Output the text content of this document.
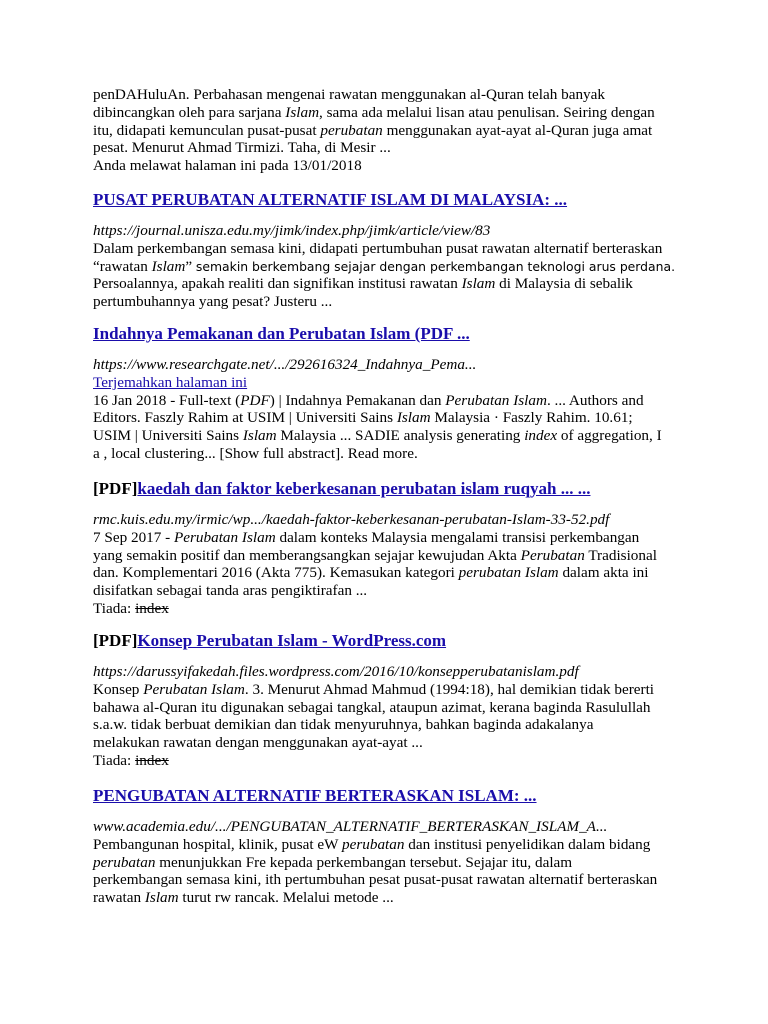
penDAHuluAn. Perbahasan mengenai rawatan menggunakan al-Quran telah banyak
dibincangkan oleh para sarjana Islam, sama ada melalui lisan atau penulisan. Seiring dengan
itu, didapati kemunculan pusat-pusat perubatan menggunakan ayat-ayat al-Quran juga amat
pesat. Menurut Ahmad Tirmizi. Taha, di Mesir ...
Anda melawat halaman ini pada 13/01/2018
PUSAT PERUBATAN ALTERNATIF ISLAM DI MALAYSIA: ...
https://journal.unisza.edu.my/jimk/index.php/jimk/article/view/83
Dalam perkembangan semasa kini, didapati pertumbuhan pusat rawatan alternatif berteraskan
“rawatan Islam” semakin berkembang sejajar dengan perkembangan teknologi arus perdana.
Persoalannya, apakah realiti dan signifikan institusi rawatan Islam di Malaysia di sebalik
pertumbuhannya yang pesat? Justeru ...
Indahnya Pemakanan dan Perubatan Islam (PDF ...
https://www.researchgate.net/.../292616324_Indahnya_Pema...
Terjemahkan halaman ini
16 Jan 2018 - Full-text (PDF) | Indahnya Pemakanan dan Perubatan Islam. ... Authors and
Editors. Faszly Rahim at USIM | Universiti Sains Islam Malaysia · Faszly Rahim. 10.61;
USIM | Universiti Sains Islam Malaysia ... SADIE analysis generating index of aggregation, I
a , local clustering... [Show full abstract]. Read more.
[PDF]kaedah dan faktor keberkesanan perubatan islam ruqyah ... ...
rmc.kuis.edu.my/irmic/wp.../kaedah-faktor-keberkesanan-perubatan-Islam-33-52.pdf
7 Sep 2017 - Perubatan Islam dalam konteks Malaysia mengalami transisi perkembangan
yang semakin positif dan memberangsangkan sejajar kewujudan Akta Perubatan Tradisional
dan. Komplementari 2016 (Akta 775). Kemasukan kategori perubatan Islam dalam akta ini
disifatkan sebagai tanda aras pengiktirafan ...
Tiada: index
[PDF]Konsep Perubatan Islam - WordPress.com
https://darussyifakedah.files.wordpress.com/2016/10/konsepperubatanislam.pdf
Konsep Perubatan Islam. 3. Menurut Ahmad Mahmud (1994:18), hal demikian tidak bererti
bahawa al-Quran itu digunakan sebagai tangkal, ataupun azimat, kerana baginda Rasulullah
s.a.w. tidak berbuat demikian dan tidak menyuruhnya, bahkan baginda adakalanya
melakukan rawatan dengan menggunakan ayat-ayat ...
Tiada: index
PENGUBATAN ALTERNATIF BERTERASKAN ISLAM: ...
www.academia.edu/.../PENGUBATAN_ALTERNATIF_BERTERASKAN_ISLAM_A...
Pembangunan hospital, klinik, pusat eW perubatan dan institusi penyelidikan dalam bidang
perubatan menunjukkan Fre kepada perkembangan tersebut. Sejajar itu, dalam
perkembangan semasa kini, ith pertumbuhan pesat pusat-pusat rawatan alternatif berteraskan
rawatan Islam turut rw rancak. Melalui metode ...
